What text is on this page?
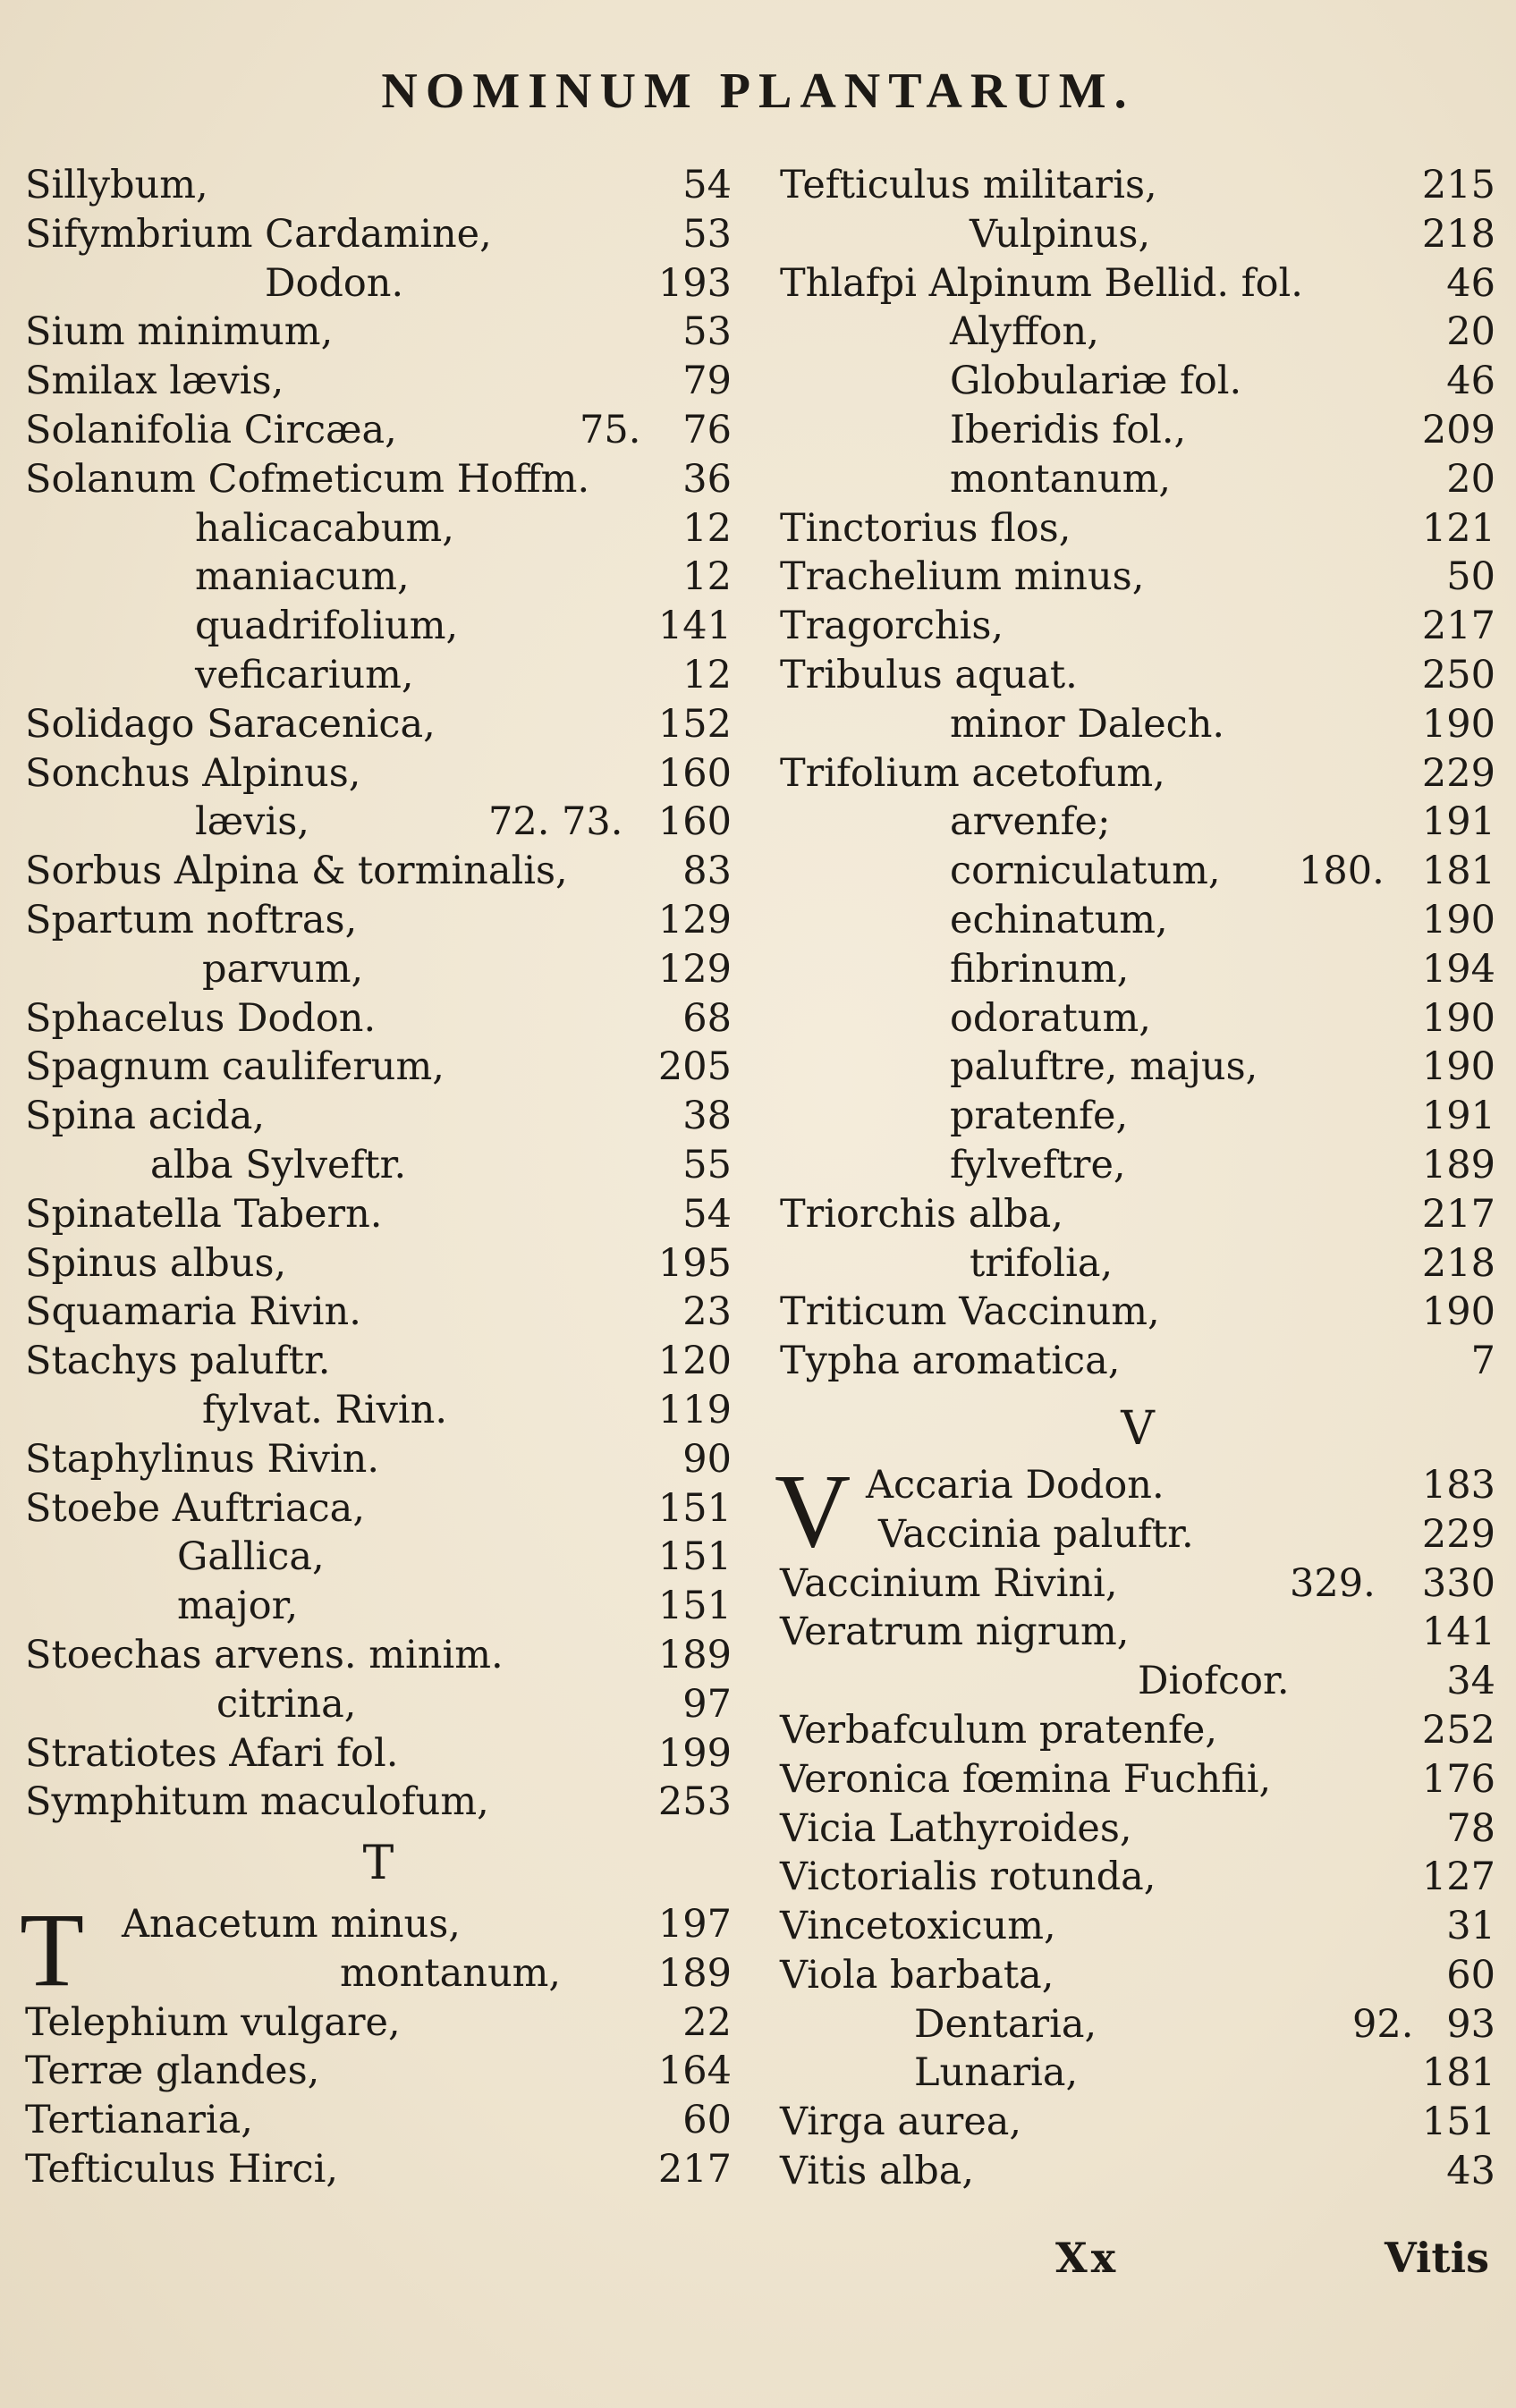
NOMINUM PLANTARUM.
Sillybum,	54
Sifymbrium Cardamine,	53
Dodon.	193
Sium minimum,	53
Smilax lævis,	79
Solanifolia Circæa,	75. 76
Solanum Cofmeticum Hoffm. 36
halicacabum,	12
maniacum,	12
quadrifolium,	141
veficarium,	12
Solidago Saracenica,	152
Sonchus Alpinus,	160
lævis,	72. 73. 160
Sorbus Alpina & torminalis,	83
Spartum noftras,	129
parvum,	129
Sphacelus Dodon.	68
Spagnum cauliferum,	205
Spina acida,	38
alba Sylveftr.	55
Spinatella Tabern.	54
Spinus albus,	195
Squamaria Rivin.	23
Stachys paluftr.	120
fylvat. Rivin.	119
Staphylinus Rivin.	90
Stoebe Auftriaca,	151
Gallica,	151
major,	151
Stoechas arvens. minim.	189
citrina,	97
Stratiotes Afari fol.	199
Symphitum maculofum,	253
T
T Anacetum minus,	197
montanum,	189
Telephium vulgare,	22
Terræ glandes,	164
Tertianaria,	60
Tefticulus Hirci,	217
Tefticulus militaris,	215
Vulpinus,	218
Thlafpi Alpinum Bellid. fol.	46
Alyffon,	20
Globulariæ fol.	46
Iberidis fol.,	209
montanum,	20
Tinctorius flos,	121
Trachelium minus,	50
Tragorchis,	217
Tribulus aquat.	250
minor Dalech.	190
Trifolium acetofum,	229
arvenfe;	191
corniculatum, 180. 181
echinatum,	190
fibrinum,	194
odoratum,	190
paluftre, majus,	190
pratenfe,	191
fylveftre,	189
Triorchis alba,	217
trifolia,	218
Triticum Vaccinum,	190
Typha aromatica,	7
V
V Accaria Dodon.	183
Vaccinia paluftr.	229
Vaccinium Rivini,	329. 330
Veratrum nigrum,	141
Diofcor.	34
Verbafculum pratenfe,	252
Veronica fœmina Fuchfii,	176
Vicia Lathyroides,	78
Victorialis rotunda,	127
Vincetoxicum,	31
Viola barbata,	60
Dentaria,	92. 93
Lunaria,	181
Virga aurea,	151
Vitis alba,	43
Xx	Vitis
